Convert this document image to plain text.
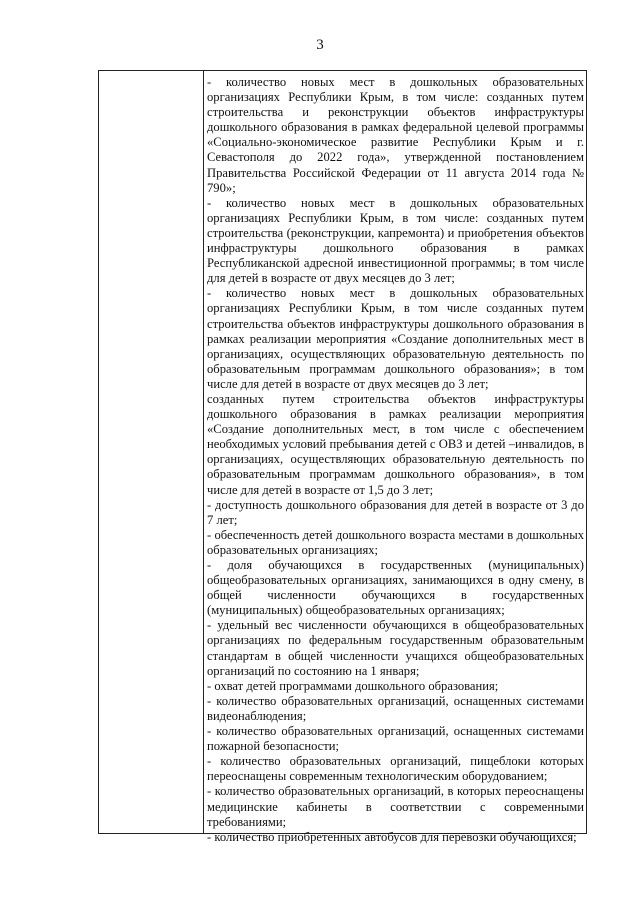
3

- количество новых мест в дошкольных образовательных организациях Республики Крым, в том числе: созданных путем строительства и реконструкции объектов инфраструктуры дошкольного образования в рамках федеральной целевой программы «Социально-экономическое развитие Республики Крым и г. Севастополя до 2022 года», утвержденной постановлением Правительства Российской Федерации от 11 августа 2014 года № 790»;

- количество новых мест в дошкольных образовательных организациях Республики Крым, в том числе: созданных путем строительства (реконструкции, капремонта) и приобретения объектов инфраструктуры дошкольного образования в рамках Республиканской адресной инвестиционной программы; в том числе для детей в возрасте от двух месяцев до 3 лет;

- количество новых мест в дошкольных образовательных организациях Республики Крым, в том числе созданных путем строительства объектов инфраструктуры дошкольного образования в рамках реализации мероприятия «Создание дополнительных мест в организациях, осуществляющих образовательную деятельность по образовательным программам дошкольного образования»; в том числе для детей в возрасте от двух месяцев до 3 лет;

созданных путем строительства объектов инфраструктуры дошкольного образования в рамках реализации мероприятия «Создание дополнительных мест, в том числе с обеспечением необходимых условий пребывания детей с ОВЗ и детей –инвалидов, в организациях, осуществляющих образовательную деятельность по образовательным программам дошкольного образования», в том числе для детей в возрасте от 1,5 до 3 лет;

- доступность дошкольного образования для детей в возрасте от 3 до 7 лет;

- обеспеченность детей дошкольного возраста местами в дошкольных образовательных организациях;

- доля обучающихся в государственных (муниципальных) общеобразовательных организациях, занимающихся в одну смену, в общей численности обучающихся в государственных (муниципальных) общеобразовательных организациях;

- удельный вес численности обучающихся в общеобразовательных организациях по федеральным государственным образовательным стандартам в общей численности учащихся общеобразовательных организаций по состоянию на 1 января;

- охват детей программами дошкольного образования;

- количество образовательных организаций, оснащенных системами видеонаблюдения;

- количество образовательных организаций, оснащенных системами пожарной безопасности;

- количество образовательных организаций, пищеблоки которых переоснащены современным технологическим оборудованием;

- количество образовательных организаций, в которых переоснащены медицинские кабинеты в соответствии с современными требованиями;

- количество приобретенных автобусов для перевозки обучающихся;
